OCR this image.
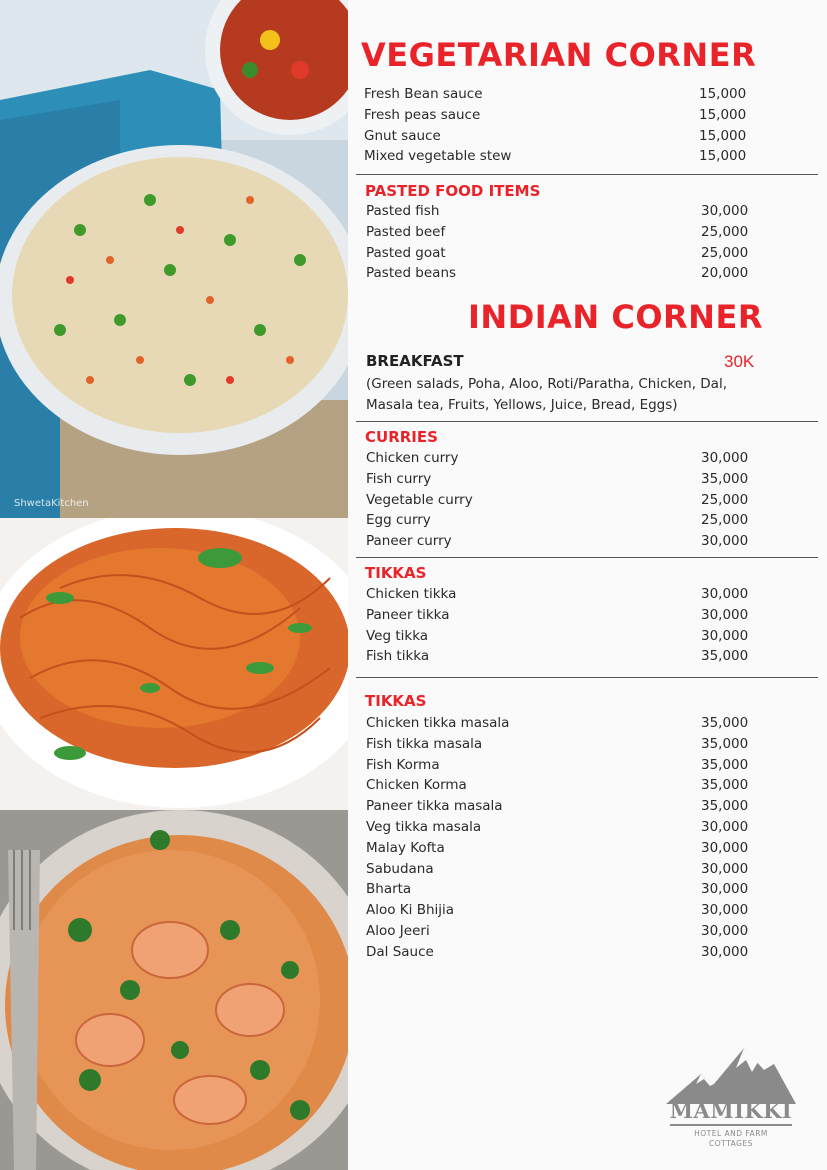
ShwetaKitchen
VEGETARIAN CORNER
Fresh Bean sauce	15,000
Fresh peas sauce	15,000
Gnut sauce	15,000
Mixed vegetable stew	15,000
PASTED FOOD ITEMS
Pasted fish	30,000
Pasted beef	25,000
Pasted goat	25,000
Pasted beans	20,000
INDIAN CORNER
BREAKFAST	30K

(Green salads, Poha, Aloo, Roti/Paratha, Chicken, Dal, Masala tea, Fruits, Yellows, Juice, Bread, Eggs)

CURRIES
Chicken curry	30,000
Fish curry	35,000
Vegetable curry	25,000
Egg curry	25,000
Paneer curry	30,000
TIKKAS
Chicken tikka	30,000
Paneer tikka	30,000
Veg tikka	30,000
Fish tikka	35,000
TIKKAS
Chicken tikka masala	35,000
Fish tikka masala	35,000
Fish Korma	35,000
Chicken Korma	35,000
Paneer tikka masala	35,000
Veg tikka masala	30,000
Malay Kofta	30,000
Sabudana	30,000
Bharta	30,000
Aloo Ki Bhijia	30,000
Aloo Jeeri	30,000
Dal Sauce	30,000
MAMIKKI
HOTEL AND FARM
COTTAGES
